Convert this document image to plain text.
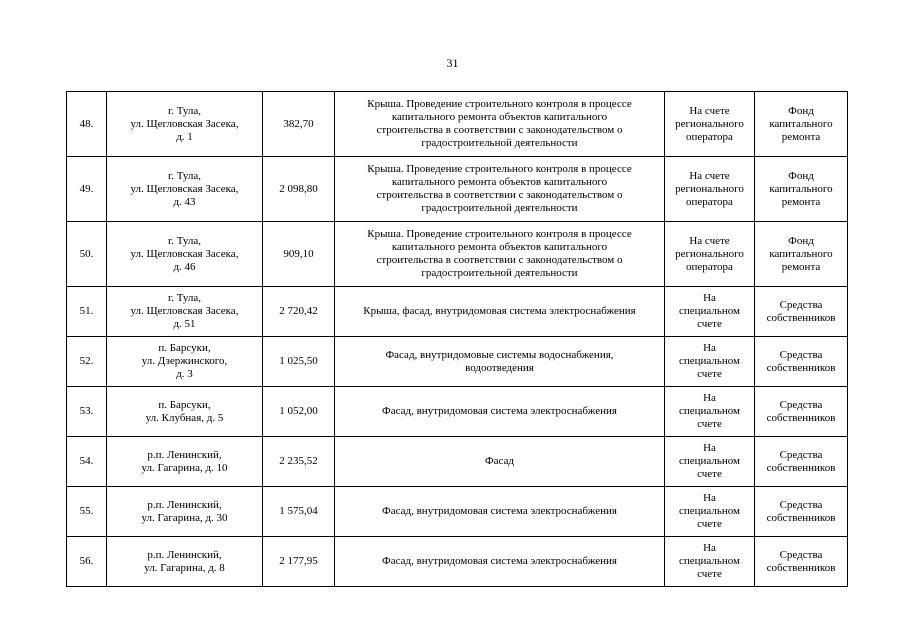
31
48.	г. Тула,
ул. Щегловская Засека,
д. 1	382,70	Крыша. Проведение строительного контроля в процессе
капитального ремонта объектов капитального
строительства в соответствии с законодательством о
градостроительной деятельности	На счете
регионального
оператора	Фонд
капитального
ремонта
49.	г. Тула,
ул. Щегловская Засека,
д. 43	2 098,80	Крыша. Проведение строительного контроля в процессе
капитального ремонта объектов капитального
строительства в соответствии с законодательством о
градостроительной деятельности	На счете
регионального
оператора	Фонд
капитального
ремонта
50.	г. Тула,
ул. Щегловская Засека,
д. 46	909,10	Крыша. Проведение строительного контроля в процессе
капитального ремонта объектов капитального
строительства в соответствии с законодательством о
градостроительной деятельности	На счете
регионального
оператора	Фонд
капитального
ремонта
51.	г. Тула,
ул. Щегловская Засека,
д. 51	2 720,42	Крыша, фасад, внутридомовая система электроснабжения	На
специальном
счете	Средства
собственников
52.	п. Барсуки,
ул. Дзержинского,
д. 3	1 025,50	Фасад, внутридомовые системы водоснабжения,
водоотведения	На
специальном
счете	Средства
собственников
53.	п. Барсуки,
ул. Клубная, д. 5	1 052,00	Фасад, внутридомовая система электроснабжения	На
специальном
счете	Средства
собственников
54.	р.п. Ленинский,
ул. Гагарина, д. 10	2 235,52	Фасад	На
специальном
счете	Средства
собственников
55.	р.п. Ленинский,
ул. Гагарина, д. 30	1 575,04	Фасад, внутридомовая система электроснабжения	На
специальном
счете	Средства
собственников
56.	р.п. Ленинский,
ул. Гагарина, д. 8	2 177,95	Фасад, внутридомовая система электроснабжения	На
специальном
счете	Средства
собственников
